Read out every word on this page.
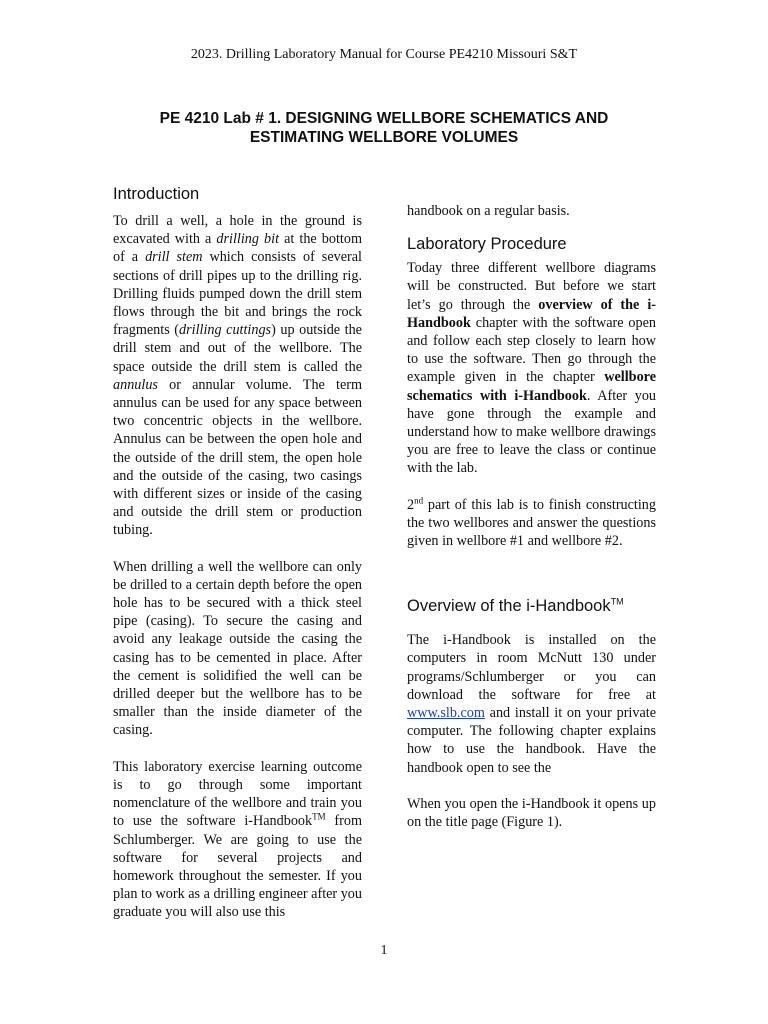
2023. Drilling Laboratory Manual for Course PE4210 Missouri S&T
PE 4210 Lab # 1. DESIGNING WELLBORE SCHEMATICS AND
ESTIMATING WELLBORE VOLUMES
Introduction

To drill a well, a hole in the ground is excavated with a drilling bit at the bottom of a drill stem which consists of several sections of drill pipes up to the drilling rig. Drilling fluids pumped down the drill stem flows through the bit and brings the rock fragments (drilling cuttings) up outside the drill stem and out of the wellbore. The space outside the drill stem is called the annulus or annular volume. The term annulus can be used for any space between two concentric objects in the wellbore. Annulus can be between the open hole and the outside of the drill stem, the open hole and the outside of the casing, two casings with different sizes or inside of the casing and outside the drill stem or production tubing.

When drilling a well the wellbore can only be drilled to a certain depth before the open hole has to be secured with a thick steel pipe (casing). To secure the casing and avoid any leakage outside the casing the casing has to be cemented in place. After the cement is solidified the well can be drilled deeper but the wellbore has to be smaller than the inside diameter of the casing.

This laboratory exercise learning outcome is to go through some important nomenclature of the wellbore and train you to use the software i-Handbook™ from Schlumberger. We are going to use the software for several projects and homework throughout the semester. If you plan to work as a drilling engineer after you graduate you will also use this

handbook on a regular basis.

Laboratory Procedure

Today three different wellbore diagrams will be constructed. But before we start let’s go through the overview of the i-Handbook chapter with the software open and follow each step closely to learn how to use the software. Then go through the example given in the chapter wellbore schematics with i-Handbook. After you have gone through the example and understand how to make wellbore drawings you are free to leave the class or continue with the lab.

2nd part of this lab is to finish constructing the two wellbores and answer the questions given in wellbore #1 and wellbore #2.

Overview of the i-Handbook™

The i-Handbook is installed on the computers in room McNutt 130 under programs/Schlumberger or you can download the software for free at www.slb.com and install it on your private computer. The following chapter explains how to use the handbook. Have the handbook open to see the

When you open the i-Handbook it opens up on the title page (Figure 1).

1
